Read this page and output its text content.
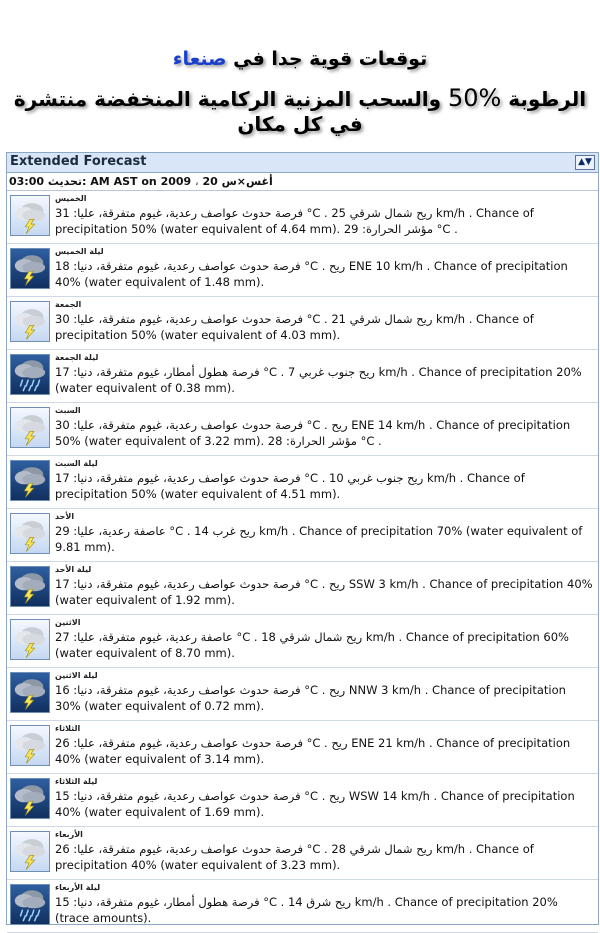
توقعات قوية جدا في صنعاء
الرطوبة 50% والسحب المزنية الركامية المنخفضة منتشرة في كل مكان
Extended Forecast	▲▼
03:00 تحديث: AM AST on 2009 ، 20 أغس×س
الخميس
31 :فرصة حدوث عواصف رعدية، غيوم متفرقة، عليا °C . 25 ريح شمال شرقي km/h . Chance of precipitation 50% (water equivalent of 4.64 mm). 29 :مؤشر الحرارة °C .
ليلة الخميس
18 :فرصة حدوث عواصف رعدية، غيوم متفرقة، دنيا °C . ريح ENE 10 km/h . Chance of precipitation 40% (water equivalent of 1.48 mm).
الجمعة
30 :فرصة حدوث عواصف رعدية، غيوم متفرقة، عليا °C . 21 ريح شمال شرقي km/h . Chance of precipitation 50% (water equivalent of 4.03 mm).
ليلة الجمعة
17 :فرصة هطول أمطار، غيوم متفرقة، دنيا °C . 7 ريح جنوب غربي km/h . Chance of precipitation 20% (water equivalent of 0.38 mm).
السبت
30 :فرصة حدوث عواصف رعدية، غيوم متفرقة، عليا °C . ريح ENE 14 km/h . Chance of precipitation 50% (water equivalent of 3.22 mm). 28 :مؤشر الحرارة °C .
ليلة السبت
17 :فرصة حدوث عواصف رعدية، غيوم متفرقة، دنيا °C . 10 ريح جنوب غربي km/h . Chance of precipitation 50% (water equivalent of 4.51 mm).
الأحد
29 :عاصفة رعدية، عليا °C . 14 ريح غرب km/h . Chance of precipitation 70% (water equivalent of 9.81 mm).
ليلة الأحد
17 :فرصة حدوث عواصف رعدية، غيوم متفرقة، دنيا °C . ريح SSW 3 km/h . Chance of precipitation 40% (water equivalent of 1.92 mm).
الاثنين
27 :عاصفة رعدية، غيوم متفرقة، عليا °C . 18 ريح شمال شرقي km/h . Chance of precipitation 60% (water equivalent of 8.70 mm).
ليلة الاثنين
16 :فرصة حدوث عواصف رعدية، غيوم متفرقة، دنيا °C . ريح NNW 3 km/h . Chance of precipitation 30% (water equivalent of 0.72 mm).
الثلاثاء
26 :فرصة حدوث عواصف رعدية، غيوم متفرقة، عليا °C . ريح ENE 21 km/h . Chance of precipitation 40% (water equivalent of 3.14 mm).
ليلة الثلاثاء
15 :فرصة حدوث عواصف رعدية، غيوم متفرقة، دنيا °C . ريح WSW 14 km/h . Chance of precipitation 40% (water equivalent of 1.69 mm).
الأربعاء
26 :فرصة حدوث عواصف رعدية، غيوم متفرقة، عليا °C . 28 ريح شمال شرقي km/h . Chance of precipitation 40% (water equivalent of 3.23 mm).
ليلة الأربعاء
15 :فرصة هطول أمطار، غيوم متفرقة، دنيا °C . 14 ريح شرق km/h . Chance of precipitation 20% (trace amounts).
